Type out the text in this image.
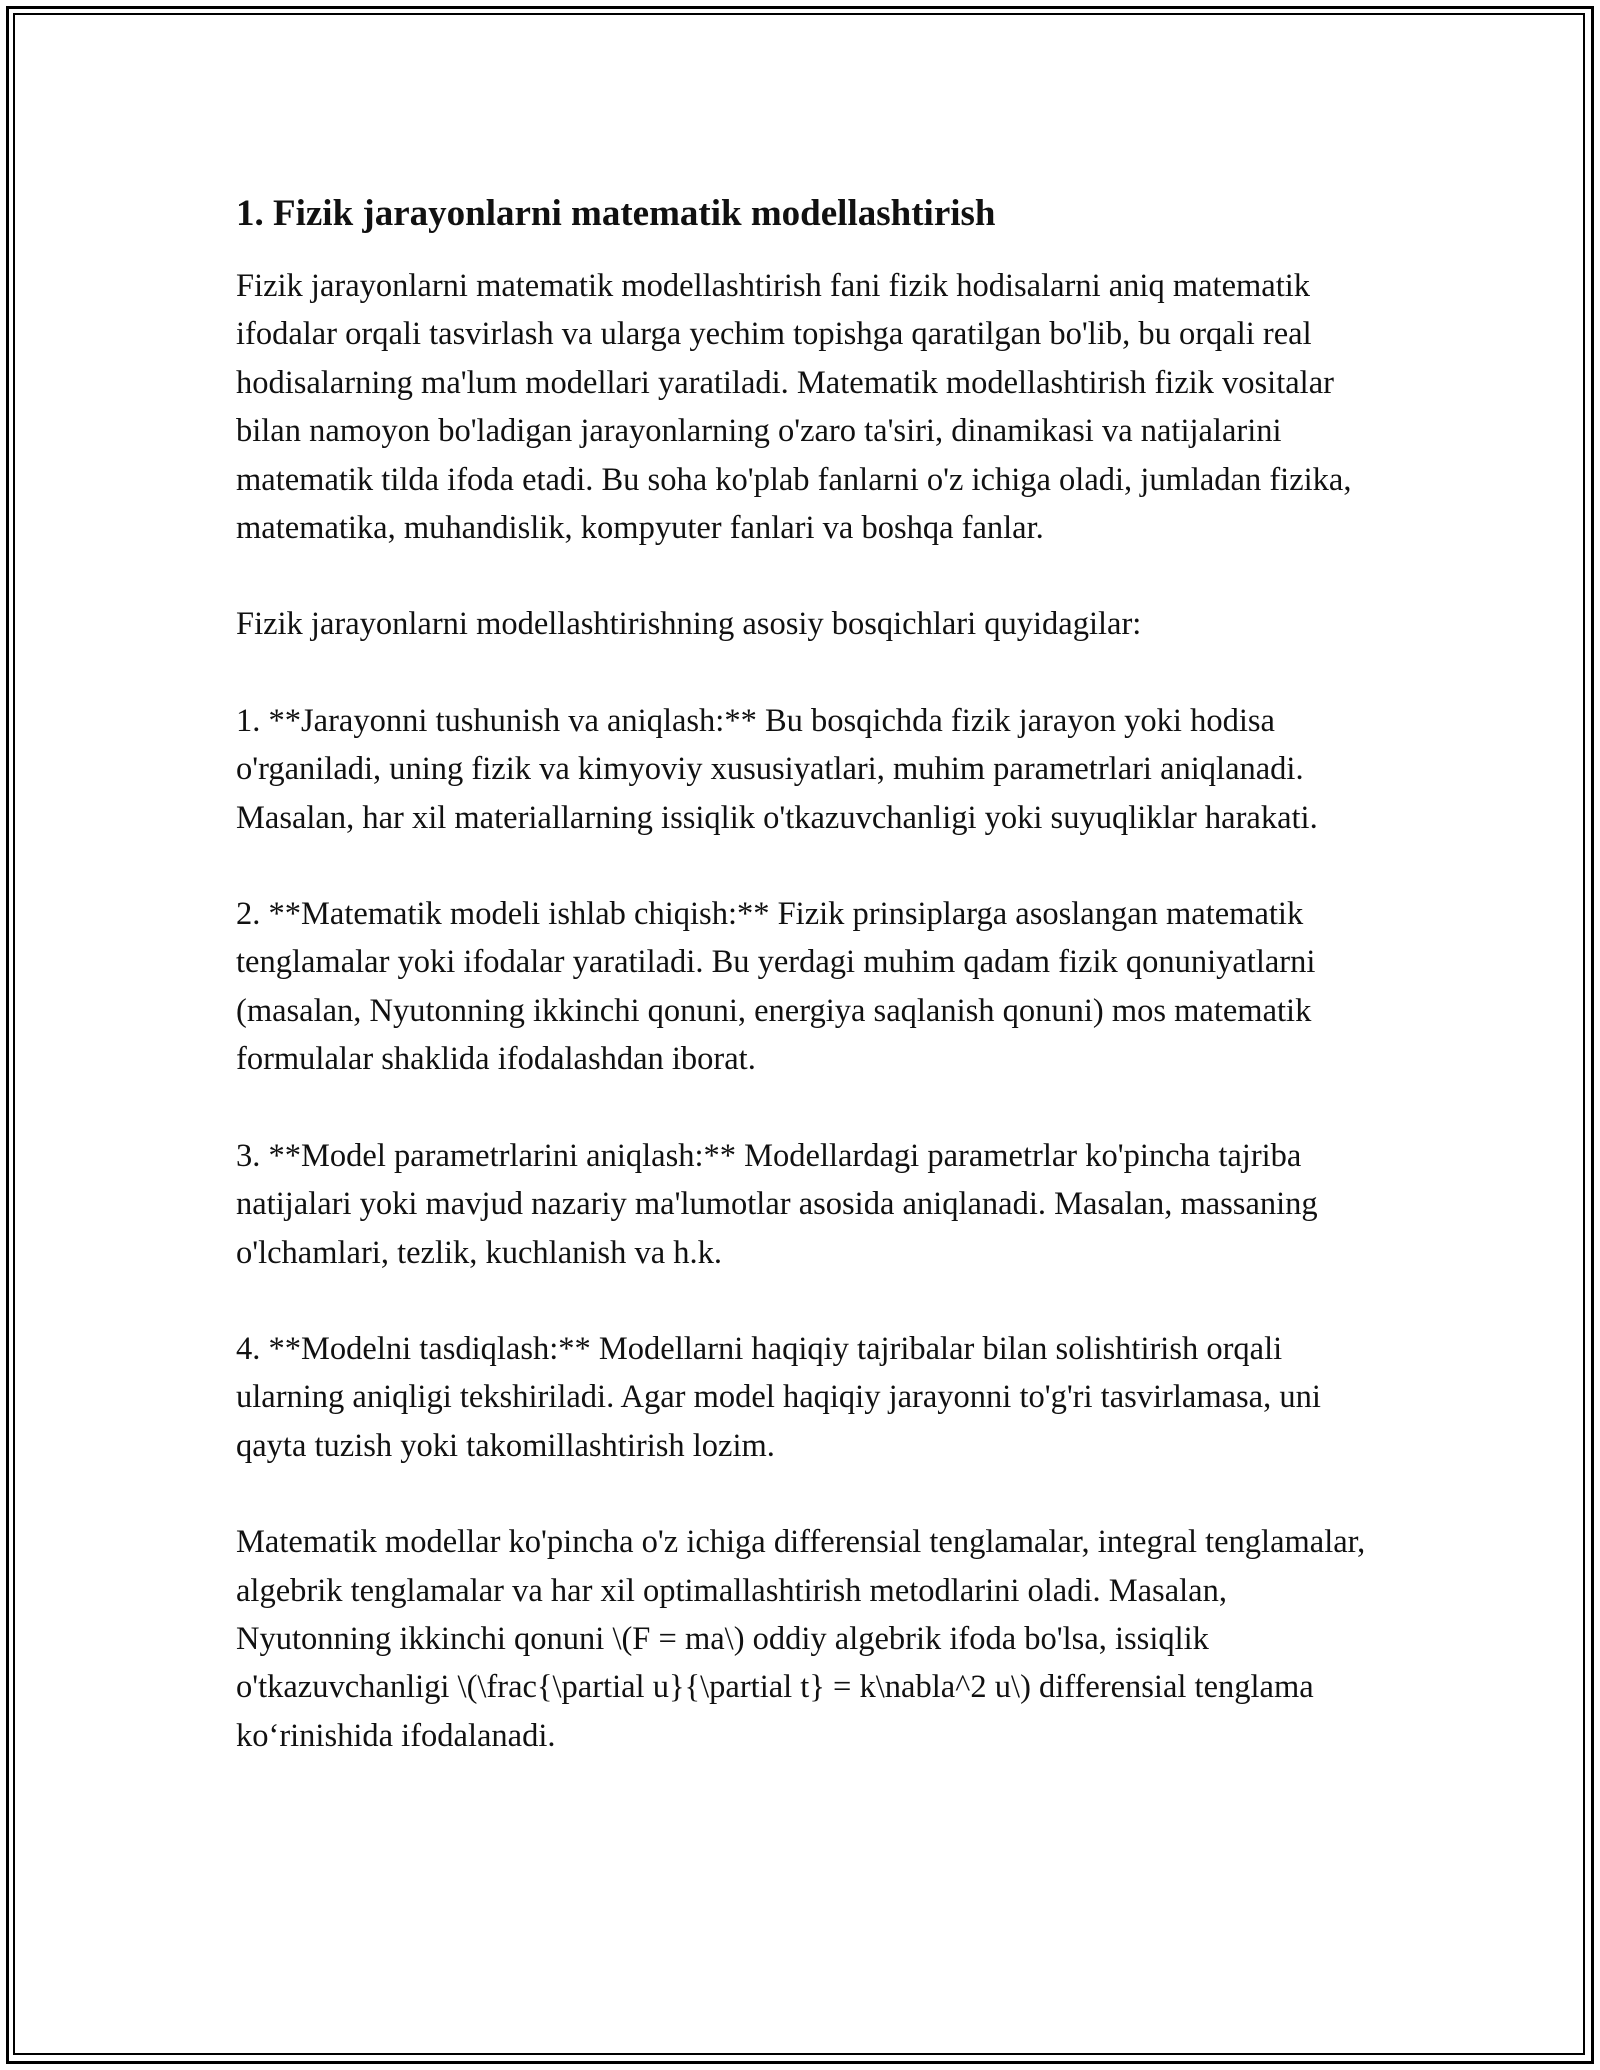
1. Fizik jarayonlarni matematik modellashtirish

Fizik jarayonlarni matematik modellashtirish fani fizik hodisalarni aniq matematik ifodalar orqali tasvirlash va ularga yechim topishga qaratilgan bo'lib, bu orqali real hodisalarning ma'lum modellari yaratiladi. Matematik modellashtirish fizik vositalar bilan namoyon bo'ladigan jarayonlarning o'zaro ta'siri, dinamikasi va natijalarini matematik tilda ifoda etadi. Bu soha ko'plab fanlarni o'z ichiga oladi, jumladan fizika, matematika, muhandislik, kompyuter fanlari va boshqa fanlar.

Fizik jarayonlarni modellashtirishning asosiy bosqichlari quyidagilar:

1. **Jarayonni tushunish va aniqlash:** Bu bosqichda fizik jarayon yoki hodisa o'rganiladi, uning fizik va kimyoviy xususiyatlari, muhim parametrlari aniqlanadi. Masalan, har xil materiallarning issiqlik o'tkazuvchanligi yoki suyuqliklar harakati.

2. **Matematik modeli ishlab chiqish:** Fizik prinsiplarga asoslangan matematik tenglamalar yoki ifodalar yaratiladi. Bu yerdagi muhim qadam fizik qonuniyatlarni (masalan, Nyutonning ikkinchi qonuni, energiya saqlanish qonuni) mos matematik formulalar shaklida ifodalashdan iborat.

3. **Model parametrlarini aniqlash:** Modellardagi parametrlar ko'pincha tajriba natijalari yoki mavjud nazariy ma'lumotlar asosida aniqlanadi. Masalan, massaning o'lchamlari, tezlik, kuchlanish va h.k.

4. **Modelni tasdiqlash:** Modellarni haqiqiy tajribalar bilan solishtirish orqali ularning aniqligi tekshiriladi. Agar model haqiqiy jarayonni to'g'ri tasvirlamasa, uni qayta tuzish yoki takomillashtirish lozim.

Matematik modellar ko'pincha o'z ichiga differensial tenglamalar, integral tenglamalar, algebrik tenglamalar va har xil optimallashtirish metodlarini oladi. Masalan, Nyutonning ikkinchi qonuni \(F = ma\) oddiy algebrik ifoda bo'lsa, issiqlik o'tkazuvchanligi \(\frac{\partial u}{\partial t} = k\nabla^2 u\) differensial tenglama ko‘rinishida ifodalanadi.
